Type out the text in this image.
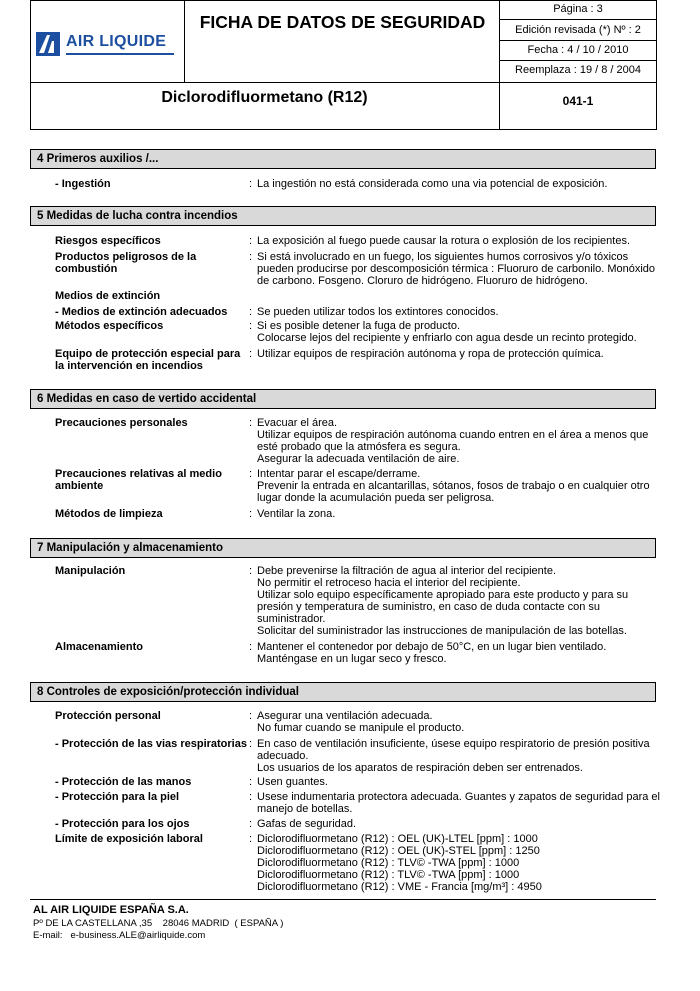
AIR LIQUIDE
FICHA DE DATOS DE SEGURIDAD
Página : 3
Edición revisada (*) Nº : 2
Fecha : 4 / 10 / 2010
Reemplaza : 19 / 8 / 2004
Diclorodifluormetano (R12)	041-1
4 Primeros auxilios /...
- Ingestión	: La ingestión no está considerada como una via potencial de exposición.
5 Medidas de lucha contra incendios
Riesgos específicos	: La exposición al fuego puede causar la rotura o explosión de los recipientes.
Productos peligrosos de la combustión
: Si está involucrado en un fuego, los siguientes humos corrosivos y/o tóxicos
pueden producirse por descomposición térmica : Fluoruro de carbonilo. Monóxido
de carbono. Fosgeno. Cloruro de hidrógeno. Fluoruro de hidrógeno.
Medios de extinción
- Medios de extinción adecuados	: Se pueden utilizar todos los extintores conocidos.
Métodos específicos	: Si es posible detener la fuga de producto.
Colocarse lejos del recipiente y enfriarlo con agua desde un recinto protegido.
Equipo de protección especial para la intervención en incendios
: Utilizar equipos de respiración autónoma y ropa de protección química.
6 Medidas en caso de vertido accidental
Precauciones personales	: Evacuar el área.
Utilizar equipos de respiración autónoma cuando entren en el área a menos que
esté probado que la atmósfera es segura.
Asegurar la adecuada ventilación de aire.
Precauciones relativas al medio ambiente
: Intentar parar el escape/derrame.
Prevenir la entrada en alcantarillas, sótanos, fosos de trabajo o en cualquier otro
lugar donde la acumulación pueda ser peligrosa.
Métodos de limpieza	: Ventilar la zona.
7 Manipulación y almacenamiento
Manipulación	: Debe prevenirse la filtración de agua al interior del recipiente.
No permitir el retroceso hacia el interior del recipiente.
Utilizar solo equipo específicamente apropiado para este producto y para su
presión y temperatura de suministro, en caso de duda contacte con su
suministrador.
Solicitar del suministrador las instrucciones de manipulación de las botellas.
Almacenamiento	: Mantener el contenedor por debajo de 50°C, en un lugar bien ventilado.
Manténgase en un lugar seco y fresco.
8 Controles de exposición/protección individual
Protección personal	: Asegurar una ventilación adecuada.
No fumar cuando se manipule el producto.
- Protección de las vias respiratorias : En caso de ventilación insuficiente, úsese equipo respiratorio de presión positiva
adecuado.
Los usuarios de los aparatos de respiración deben ser entrenados.
- Protección de las manos	: Usen guantes.
- Protección para la piel	: Usese indumentaria protectora adecuada. Guantes y zapatos de seguridad para el
manejo de botellas.
- Protección para los ojos	: Gafas de seguridad.
Límite de exposición laboral	: Diclorodifluormetano (R12) : OEL (UK)-LTEL [ppm] : 1000
Diclorodifluormetano (R12) : OEL (UK)-STEL [ppm] : 1250
Diclorodifluormetano (R12) : TLV© -TWA [ppm] : 1000
Diclorodifluormetano (R12) : TLV© -TWA [ppm] : 1000
Diclorodifluormetano (R12) : VME - Francia [mg/m³] : 4950
AL AIR LIQUIDE ESPAÑA S.A.
Pº DE LA CASTELLANA ,35    28046 MADRID  ( ESPAÑA )
E-mail:   e-business.ALE@airliquide.com
